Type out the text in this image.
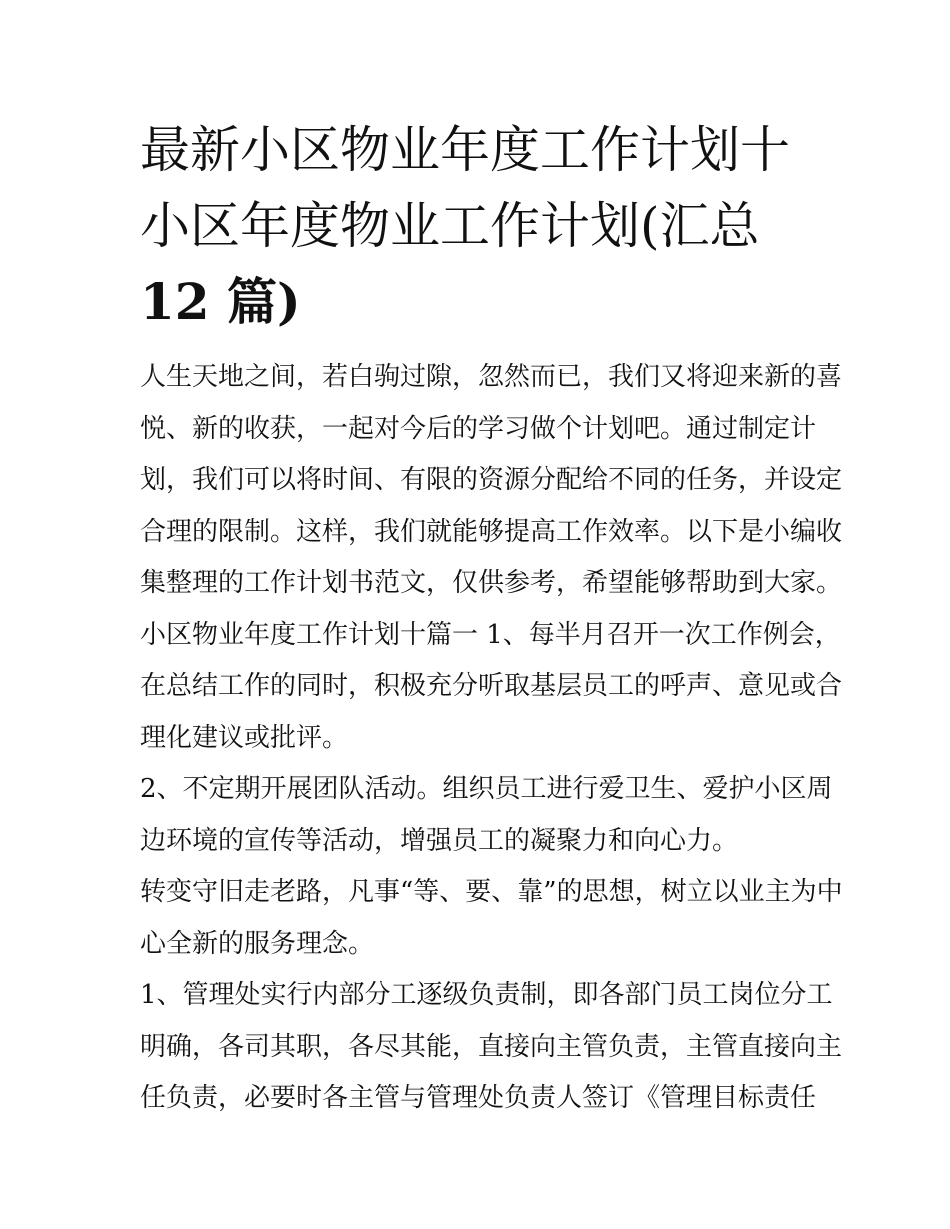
最新小区物业年度工作计划十
小区年度物业工作计划(汇总
12 篇)
人生天地之间，若白驹过隙，忽然而已，我们又将迎来新的喜
悦、新的收获，一起对今后的学习做个计划吧。通过制定计
划，我们可以将时间、有限的资源分配给不同的任务，并设定
合理的限制。这样，我们就能够提高工作效率。以下是小编收
集整理的工作计划书范文，仅供参考，希望能够帮助到大家。
小区物业年度工作计划十篇一 1、每半月召开一次工作例会，
在总结工作的同时，积极充分听取基层员工的呼声、意见或合
理化建议或批评。
2、不定期开展团队活动。组织员工进行爱卫生、爱护小区周
边环境的宣传等活动，增强员工的凝聚力和向心力。
转变守旧走老路，凡事“等、要、靠”的思想，树立以业主为中
心全新的服务理念。
1、管理处实行内部分工逐级负责制，即各部门员工岗位分工
明确，各司其职，各尽其能，直接向主管负责，主管直接向主
任负责，必要时各主管与管理处负责人签订《管理目标责任
